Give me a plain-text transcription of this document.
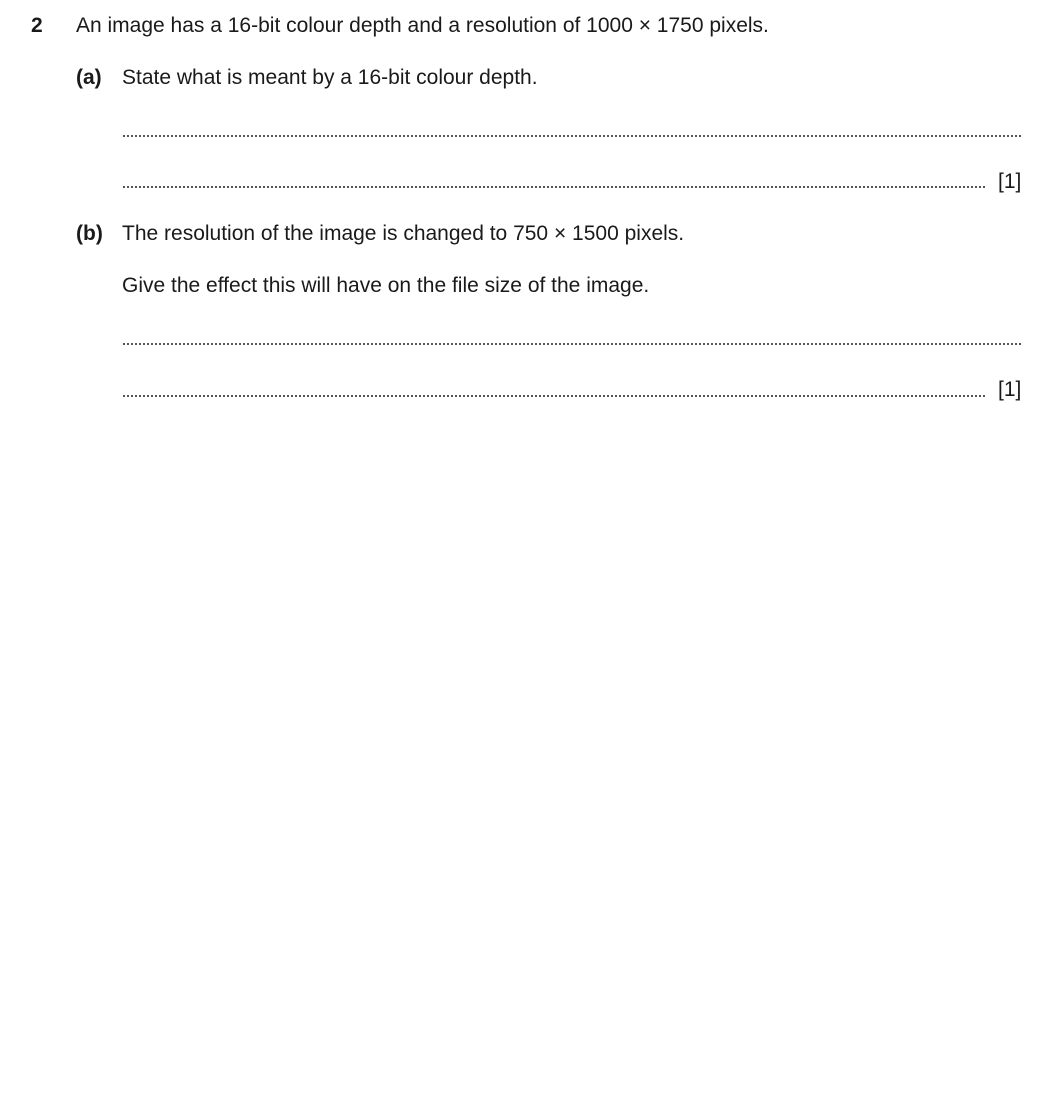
2 An image has a 16-bit colour depth and a resolution of 1000 × 1750 pixels.
(a) State what is meant by a 16-bit colour depth.
[1]
(b) The resolution of the image is changed to 750 × 1500 pixels.
Give the effect this will have on the file size of the image.
[1]
